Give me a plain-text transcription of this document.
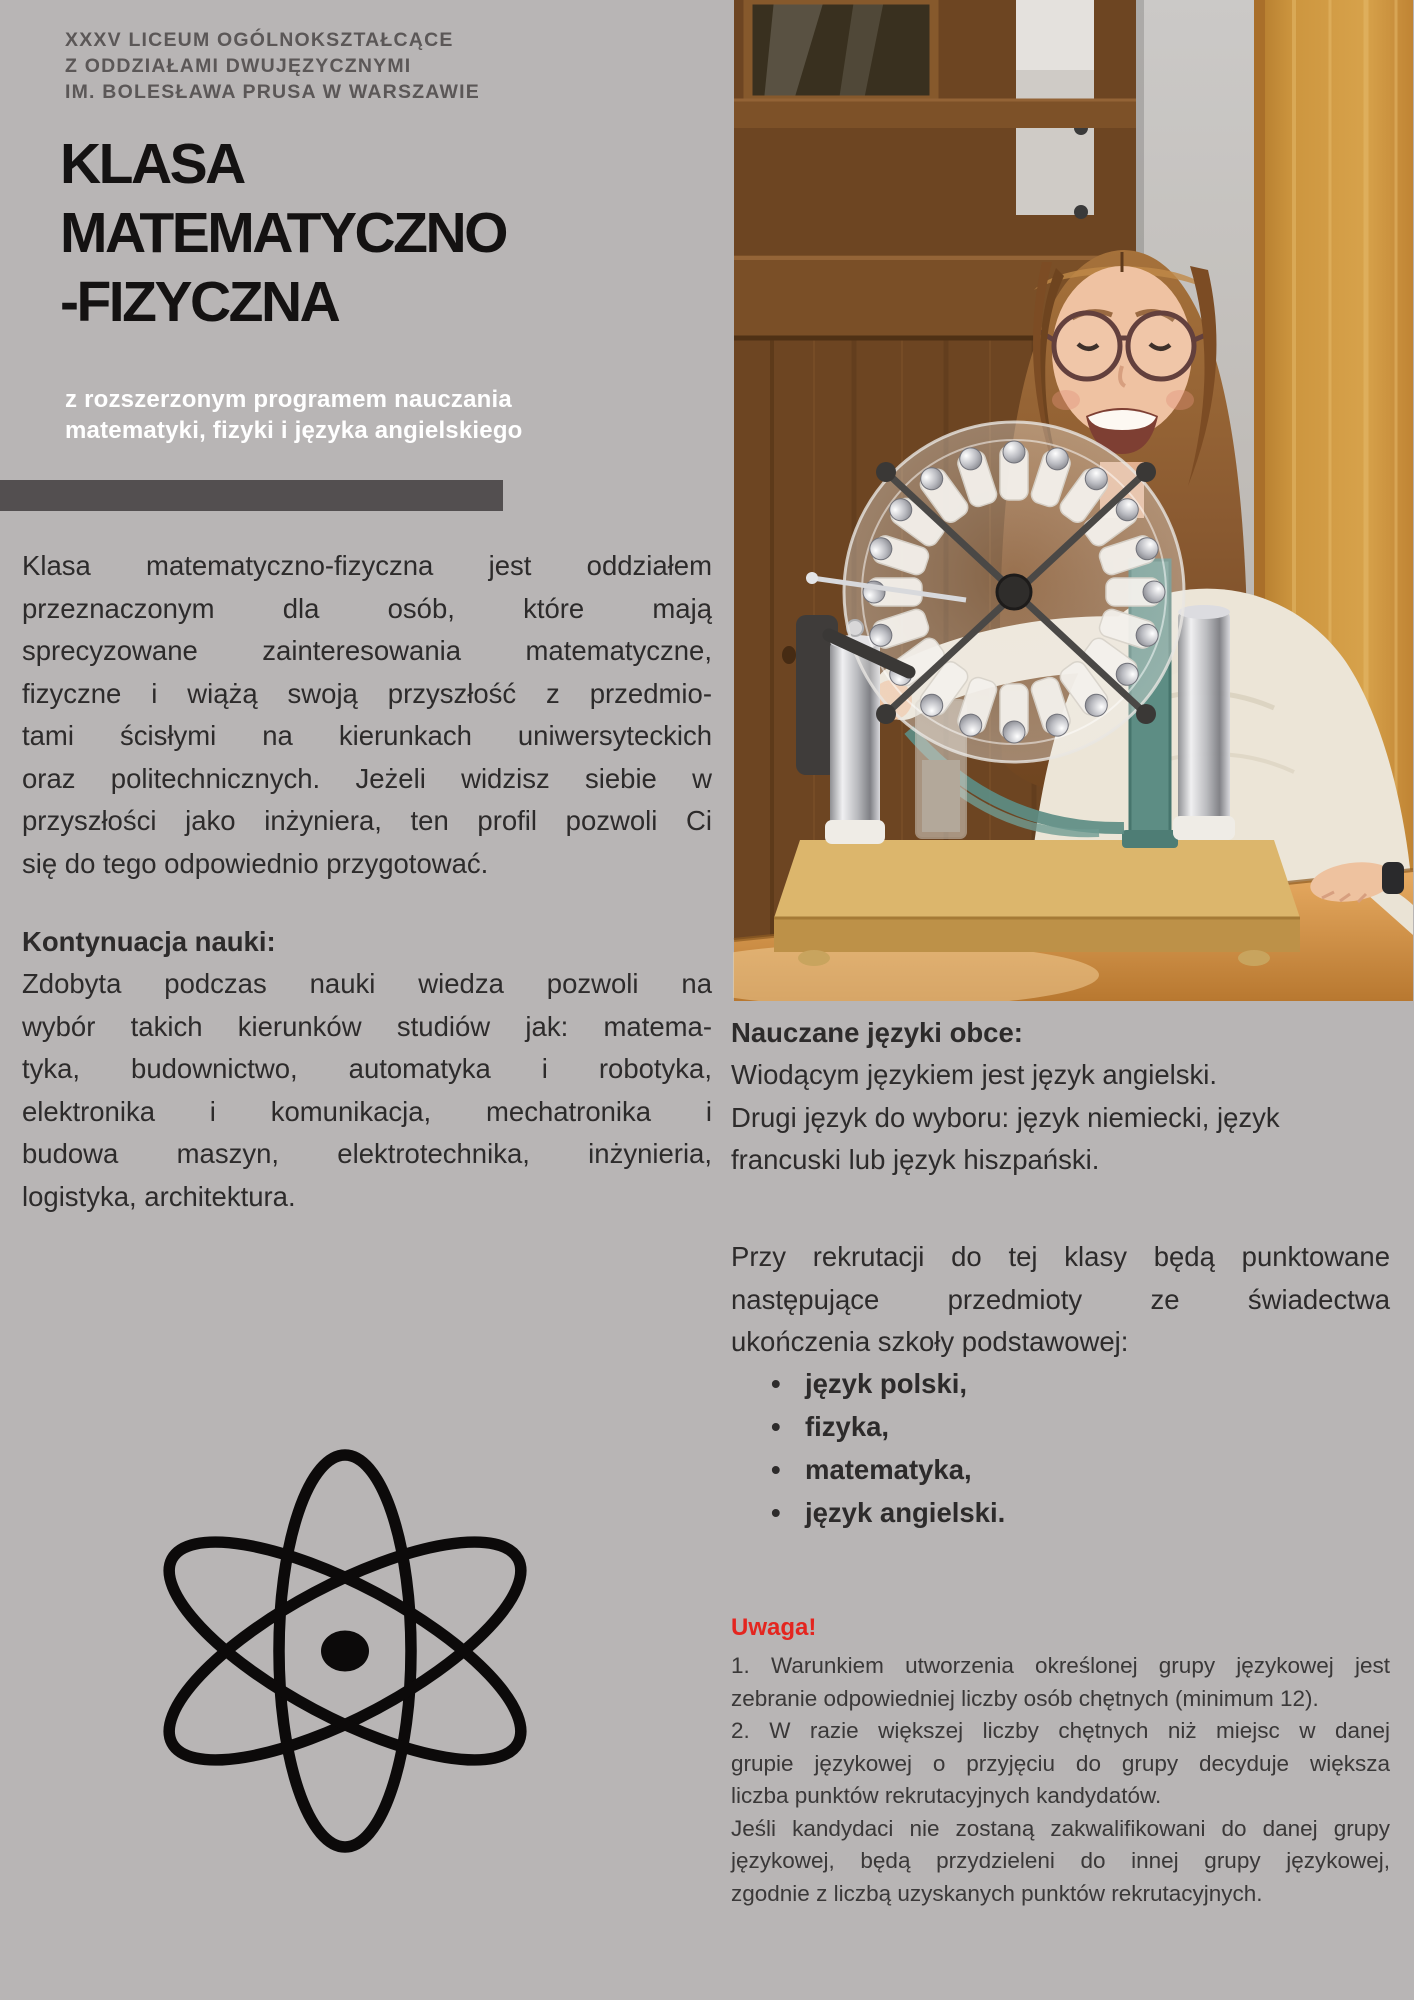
XXXV LICEUM OGÓLNOKSZTAŁCĄCE
Z ODDZIAŁAMI DWUJĘZYCZNYMI
IM. BOLESŁAWA PRUSA W WARSZAWIE
KLASA
MATEMATYCZNO
-FIZYCZNA
z rozszerzonym programem nauczania
matematyki, fizyki i języka angielskiego
Klasa matematyczno-fizyczna jest oddziałem
przeznaczonym dla osób, które mają
sprecyzowane zainteresowania matematyczne,
fizyczne i wiążą swoją przyszłość z przedmio-
tami ścisłymi na kierunkach uniwersyteckich
oraz politechnicznych. Jeżeli widzisz siebie w
przyszłości jako inżyniera, ten profil pozwoli Ci
się do tego odpowiednio przygotować.
Kontynuacja nauki:
Zdobyta podczas nauki wiedza pozwoli na
wybór takich kierunków studiów jak: matema-
tyka, budownictwo, automatyka i robotyka,
elektronika i komunikacja, mechatronika i
budowa maszyn, elektrotechnika, inżynieria,
logistyka, architektura.
Nauczane języki obce:
Wiodącym językiem jest język angielski.
Drugi język do wyboru: język niemiecki, język
francuski lub język hiszpański.
Przy rekrutacji do tej klasy będą punktowane
następujące przedmioty ze świadectwa
ukończenia szkoły podstawowej:
• język polski,
• fizyka,
• matematyka,
• język angielski.
Uwaga!
1. Warunkiem utworzenia określonej grupy językowej jest
zebranie odpowiedniej liczby osób chętnych (minimum 12).
2. W razie większej liczby chętnych niż miejsc w danej
grupie językowej o przyjęciu do grupy decyduje większa
liczba punktów rekrutacyjnych kandydatów.
Jeśli kandydaci nie zostaną zakwalifikowani do danej grupy
językowej, będą przydzieleni do innej grupy językowej,
zgodnie z liczbą uzyskanych punktów rekrutacyjnych.
